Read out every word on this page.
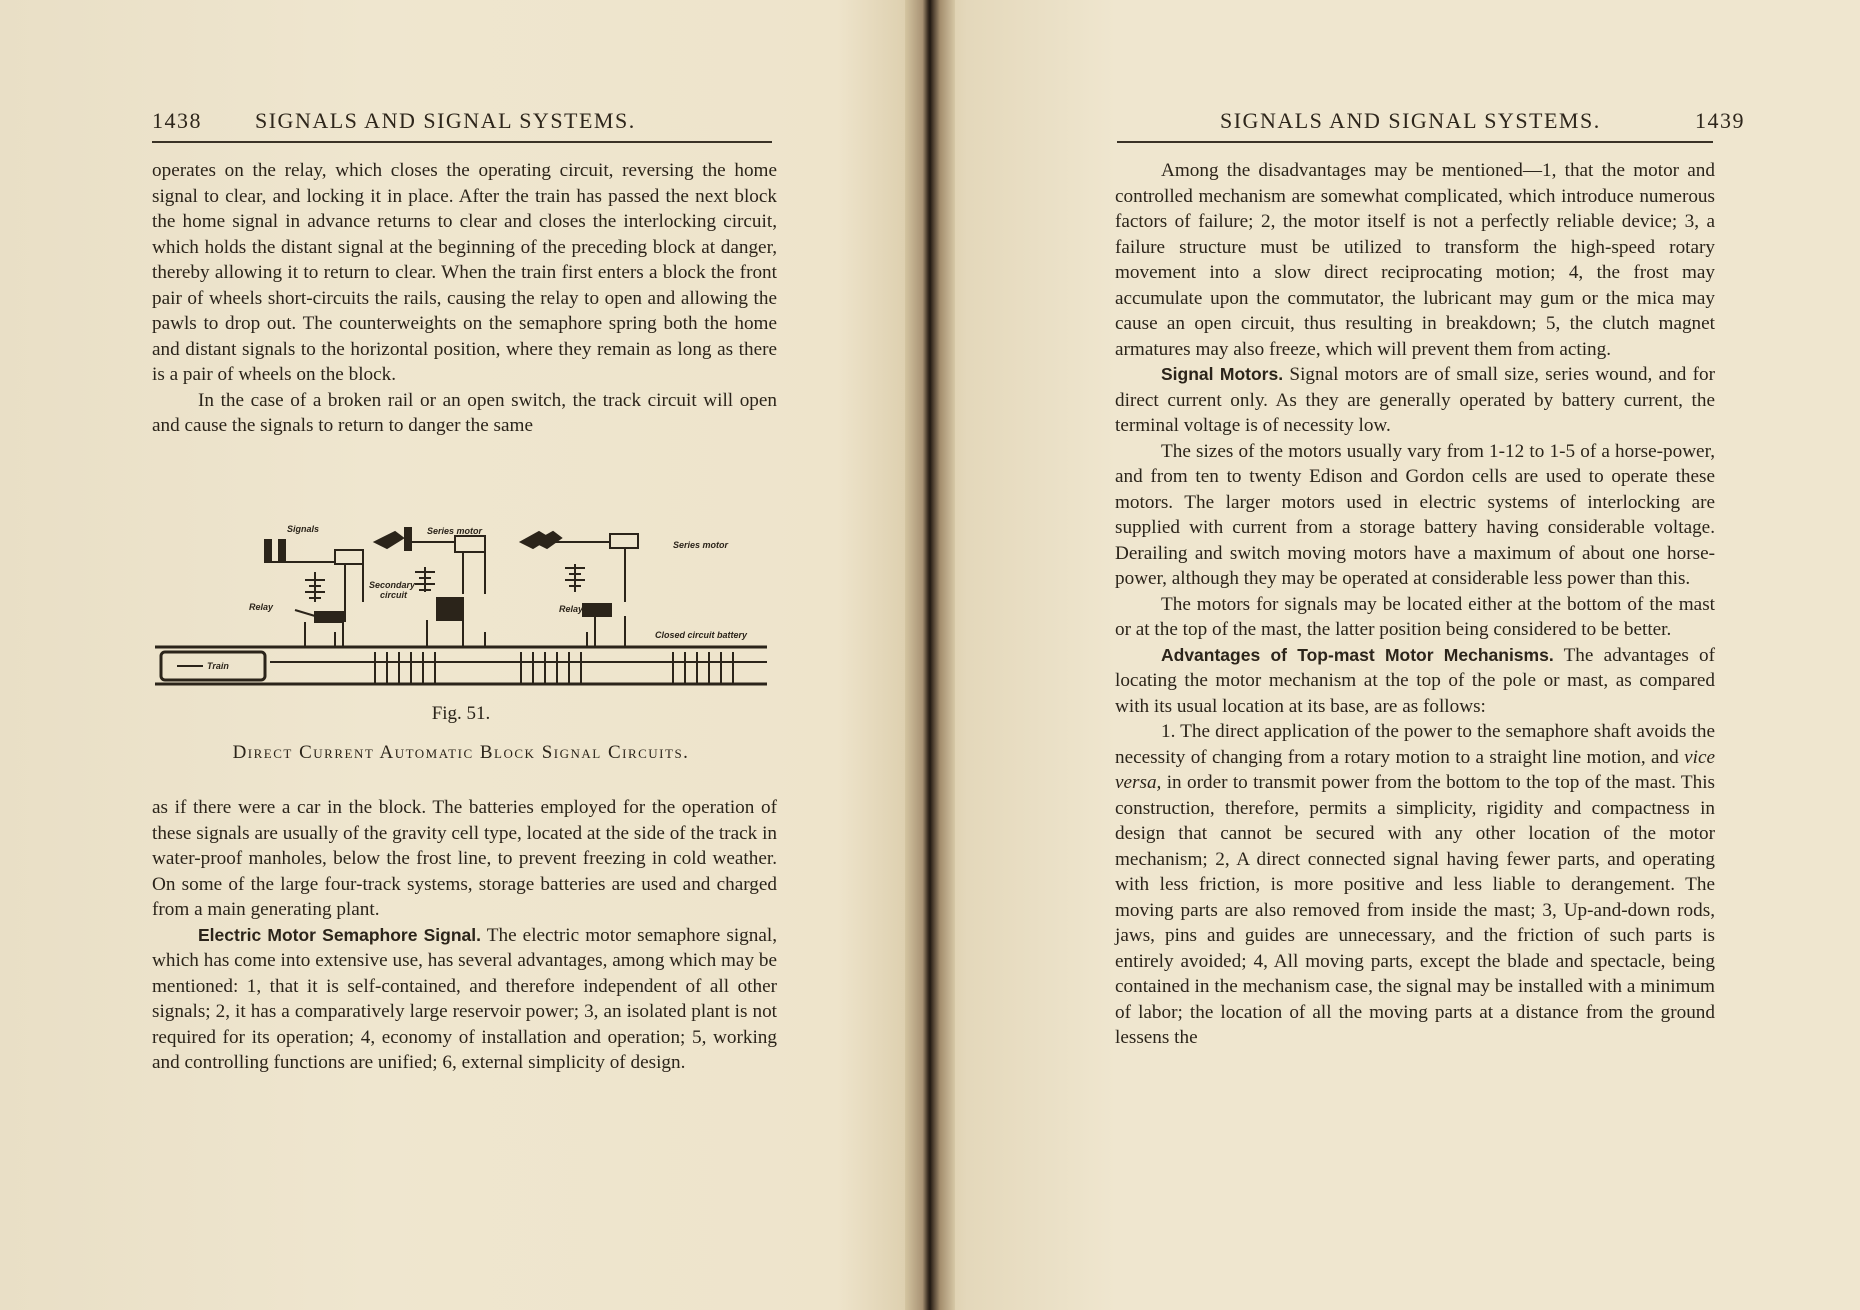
1438 SIGNALS AND SIGNAL SYSTEMS.

operates on the relay, which closes the operating circuit, reversing the home signal to clear, and locking it in place. After the train has passed the next block the home signal in advance returns to clear and closes the interlocking circuit, which holds the distant signal at the beginning of the preceding block at danger, thereby allowing it to return to clear. When the train first enters a block the front pair of wheels short-circuits the rails, causing the relay to open and allowing the pawls to drop out. The counterweights on the semaphore spring both the home and distant signals to the horizontal position, where they remain as long as there is a pair of wheels on the block.

In the case of a broken rail or an open switch, the track circuit will open and cause the signals to return to danger the same

Signals	Series motor
Series motor
Secondary
circuit
Relay	Relay
Closed circuit battery
Train
Fig. 51.
Direct Current Automatic Block Signal Circuits.

as if there were a car in the block. The batteries employed for the operation of these signals are usually of the gravity cell type, located at the side of the track in water-proof manholes, below the frost line, to prevent freezing in cold weather. On some of the large four-track systems, storage batteries are used and charged from a main generating plant.

Electric Motor Semaphore Signal. The electric motor semaphore signal, which has come into extensive use, has several advantages, among which may be mentioned: 1, that it is self-contained, and therefore independent of all other signals; 2, it has a comparatively large reservoir power; 3, an isolated plant is not required for its operation; 4, economy of installation and operation; 5, working and controlling functions are unified; 6, external simplicity of design.

SIGNALS AND SIGNAL SYSTEMS.	1439

Among the disadvantages may be mentioned—1, that the motor and controlled mechanism are somewhat complicated, which introduce numerous factors of failure; 2, the motor itself is not a perfectly reliable device; 3, a failure structure must be utilized to transform the high-speed rotary movement into a slow direct reciprocating motion; 4, the frost may accumulate upon the commutator, the lubricant may gum or the mica may cause an open circuit, thus resulting in breakdown; 5, the clutch magnet armatures may also freeze, which will prevent them from acting.

Signal Motors. Signal motors are of small size, series wound, and for direct current only. As they are generally operated by battery current, the terminal voltage is of necessity low.

The sizes of the motors usually vary from 1-12 to 1-5 of a horse-power, and from ten to twenty Edison and Gordon cells are used to operate these motors. The larger motors used in electric systems of interlocking are supplied with current from a storage battery having considerable voltage. Derailing and switch moving motors have a maximum of about one horse-power, although they may be operated at considerable less power than this.

The motors for signals may be located either at the bottom of the mast or at the top of the mast, the latter position being considered to be better.

Advantages of Top-mast Motor Mechanisms. The advantages of locating the motor mechanism at the top of the pole or mast, as compared with its usual location at its base, are as follows:

1. The direct application of the power to the semaphore shaft avoids the necessity of changing from a rotary motion to a straight line motion, and vice versa, in order to transmit power from the bottom to the top of the mast. This construction, therefore, permits a simplicity, rigidity and compactness in design that cannot be secured with any other location of the motor mechanism; 2, A direct connected signal having fewer parts, and operating with less friction, is more positive and less liable to derangement. The moving parts are also removed from inside the mast; 3, Up-and-down rods, jaws, pins and guides are unnecessary, and the friction of such parts is entirely avoided; 4, All moving parts, except the blade and spectacle, being contained in the mechanism case, the signal may be installed with a minimum of labor; the location of all the moving parts at a distance from the ground lessens the
